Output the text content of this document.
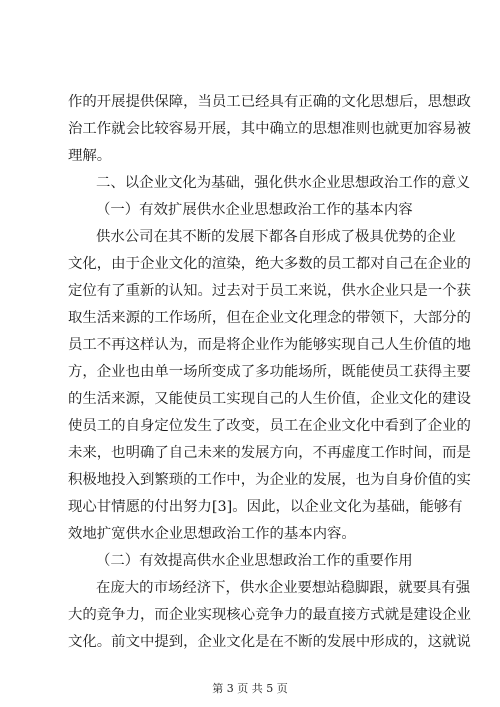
作的开展提供保障，当员工已经具有正确的文化思想后，思想政
治工作就会比较容易开展，其中确立的思想准则也就更加容易被
理解。
二、以企业文化为基础，强化供水企业思想政治工作的意义
（一）有效扩展供水企业思想政治工作的基本内容
供水公司在其不断的发展下都各自形成了极具优势的企业
文化，由于企业文化的渲染，绝大多数的员工都对自己在企业的
定位有了重新的认知。过去对于员工来说，供水企业只是一个获
取生活来源的工作场所，但在企业文化理念的带领下，大部分的
员工不再这样认为，而是将企业作为能够实现自己人生价值的地
方，企业也由单一场所变成了多功能场所，既能使员工获得主要
的生活来源，又能使员工实现自己的人生价值，企业文化的建设
使员工的自身定位发生了改变，员工在企业文化中看到了企业的
未来，也明确了自己未来的发展方向，不再虚度工作时间，而是
积极地投入到繁琐的工作中，为企业的发展，也为自身价值的实
现心甘情愿的付出努力[3]。因此，以企业文化为基础，能够有
效地扩宽供水企业思想政治工作的基本内容。
（二）有效提高供水企业思想政治工作的重要作用
在庞大的市场经济下，供水企业要想站稳脚跟，就要具有强
大的竞争力，而企业实现核心竞争力的最直接方式就是建设企业
文化。前文中提到，企业文化是在不断的发展中形成的，这就说
第 3 页 共 5 页
